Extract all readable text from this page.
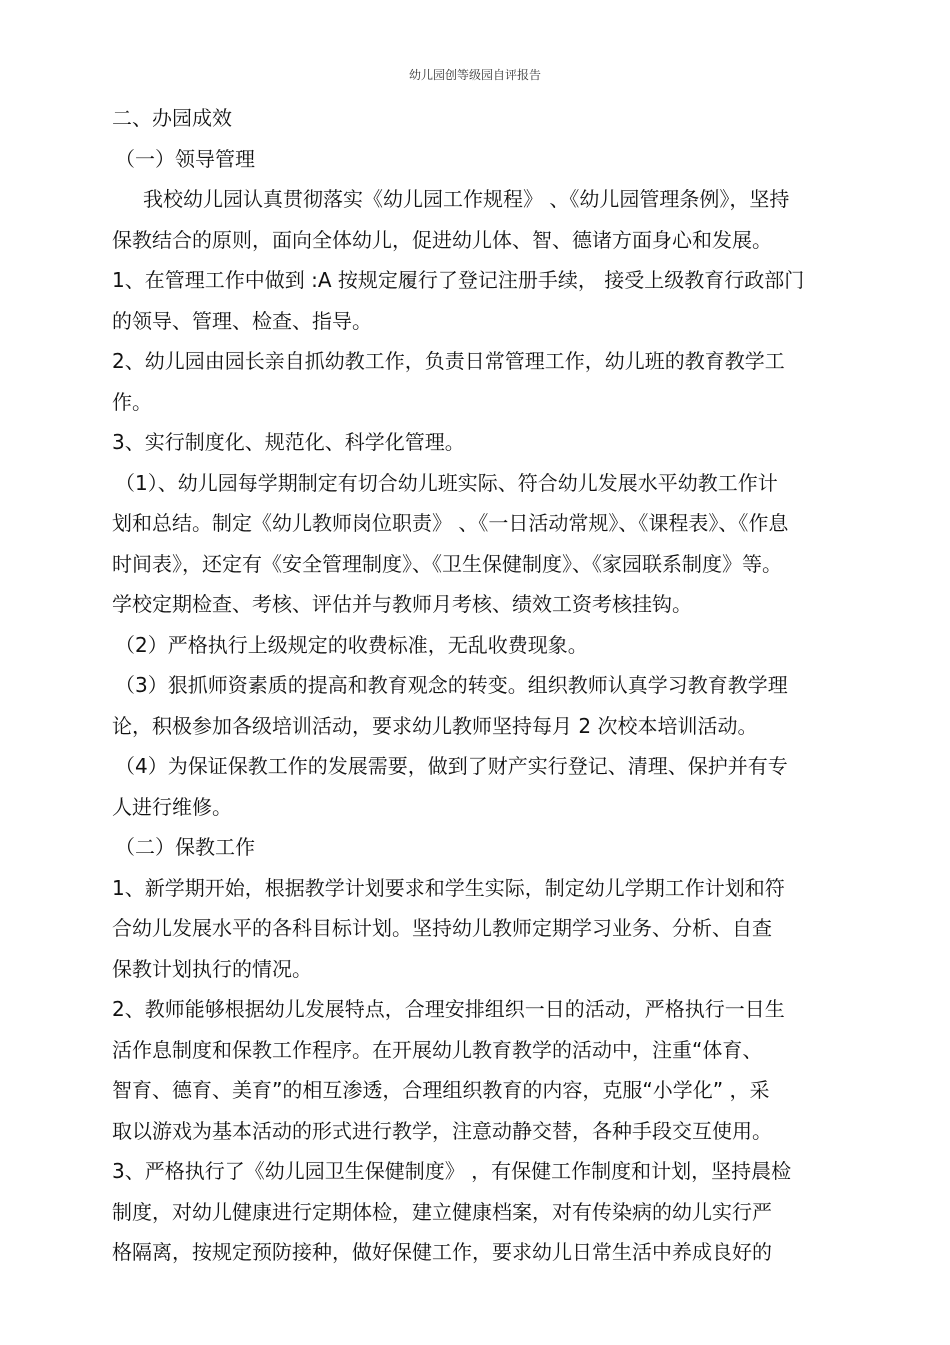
幼儿园创等级园自评报告
二、办园成效
（一）领导管理
我校幼儿园认真贯彻落实《幼儿园工作规程》 、《幼儿园管理条例》，坚持
保教结合的原则，面向全体幼儿，促进幼儿体、智、德诸方面身心和发展。
1、在管理工作中做到 :A 按规定履行了登记注册手续， 接受上级教育行政部门
的领导、管理、检查、指导。
2、幼儿园由园长亲自抓幼教工作，负责日常管理工作，幼儿班的教育教学工
作。
3、实行制度化、规范化、科学化管理。
（1）、幼儿园每学期制定有切合幼儿班实际、符合幼儿发展水平幼教工作计
划和总结。制定《幼儿教师岗位职责》 、《一日活动常规》、《课程表》、《作息
时间表》，还定有《安全管理制度》、《卫生保健制度》、《家园联系制度》等。
学校定期检查、考核、评估并与教师月考核、绩效工资考核挂钩。
（2）严格执行上级规定的收费标准，无乱收费现象。
（3）狠抓师资素质的提高和教育观念的转变。组织教师认真学习教育教学理
论，积极参加各级培训活动，要求幼儿教师坚持每月 2 次校本培训活动。
（4）为保证保教工作的发展需要，做到了财产实行登记、清理、保护并有专
人进行维修。
（二）保教工作
1、新学期开始，根据教学计划要求和学生实际，制定幼儿学期工作计划和符
合幼儿发展水平的各科目标计划。坚持幼儿教师定期学习业务、分析、自查
保教计划执行的情况。
2、教师能够根据幼儿发展特点，合理安排组织一日的活动，严格执行一日生
活作息制度和保教工作程序。在开展幼儿教育教学的活动中，注重“体育、
智育、德育、美育”的相互渗透，合理组织教育的内容，克服“小学化” ，采
取以游戏为基本活动的形式进行教学，注意动静交替，各种手段交互使用。
3、严格执行了《幼儿园卫生保健制度》 ，有保健工作制度和计划，坚持晨检
制度，对幼儿健康进行定期体检，建立健康档案，对有传染病的幼儿实行严
格隔离，按规定预防接种，做好保健工作，要求幼儿日常生活中养成良好的
